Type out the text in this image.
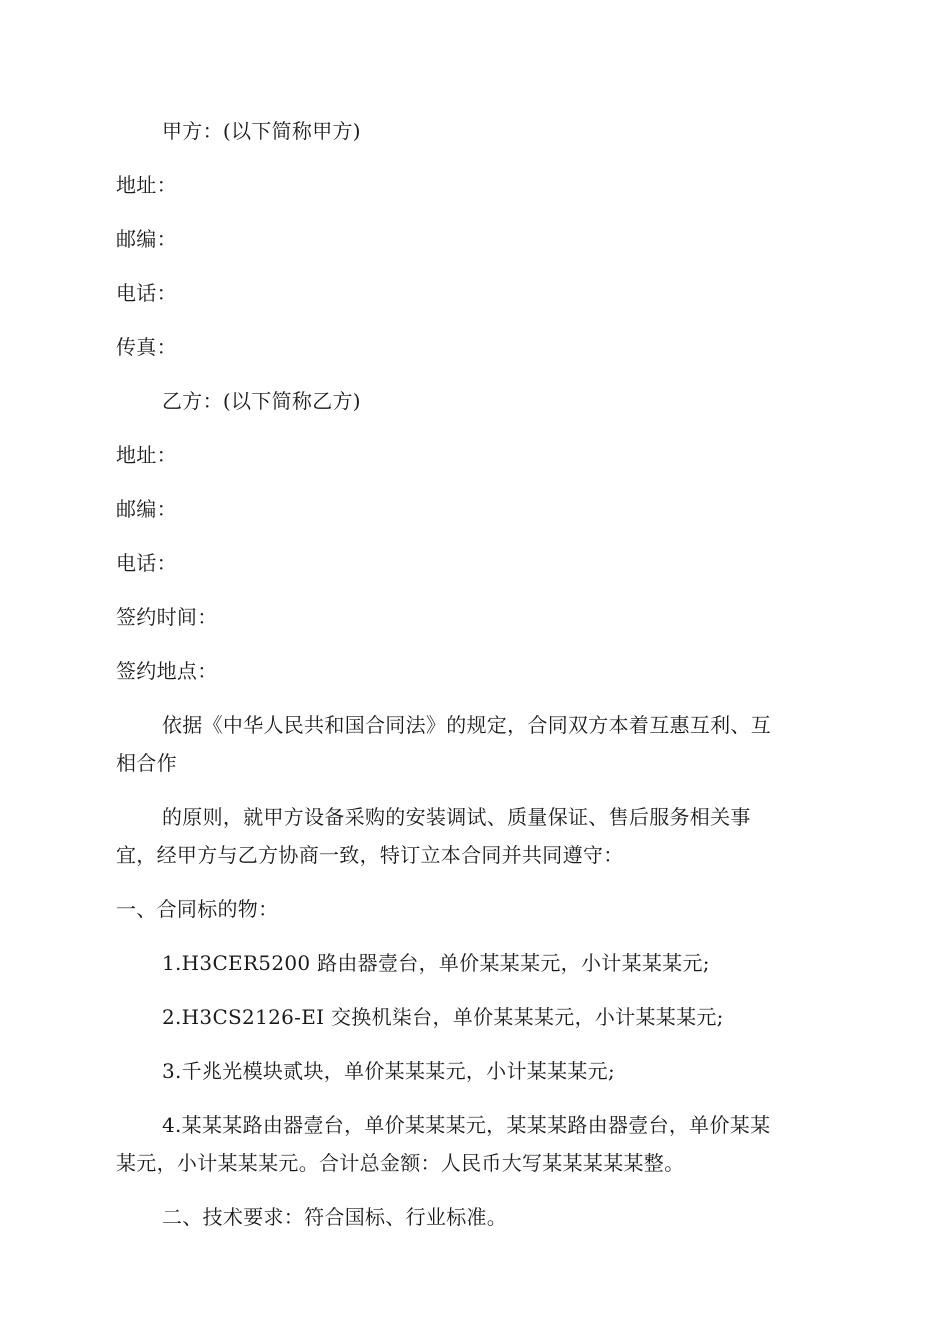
甲方：(以下简称甲方)
地址：
邮编：
电话：
传真：
乙方：(以下简称乙方)
地址：
邮编：
电话：
签约时间：
签约地点：
依据《中华人民共和国合同法》的规定，合同双方本着互惠互利、互
相合作
的原则，就甲方设备采购的安装调试、质量保证、售后服务相关事
宜，经甲方与乙方协商一致，特订立本合同并共同遵守：
一、合同标的物：
1.H3CER5200 路由器壹台，单价某某某元，小计某某某元;
2.H3CS2126-EI 交换机柒台，单价某某某元，小计某某某元;
3.千兆光模块贰块，单价某某某元，小计某某某元;
4.某某某路由器壹台，单价某某某元，某某某路由器壹台，单价某某
某元，小计某某某元。合计总金额：人民币大写某某某某某整。
二、技术要求：符合国标、行业标准。
